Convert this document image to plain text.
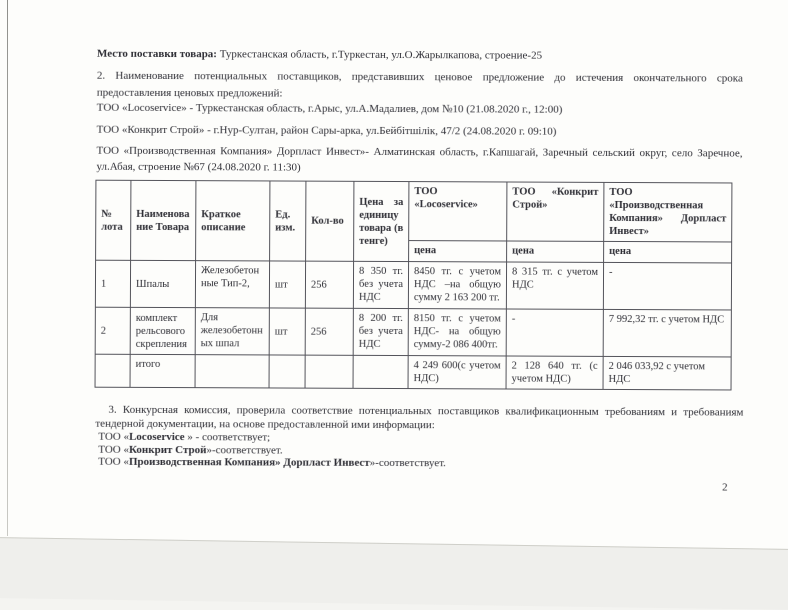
Место поставки товара: Туркестанская область, г.Туркестан, ул.О.Жарылкапова, строение-25

2. Наименование потенциальных поставщиков, представивших ценовое предложение до истечения окончательного срока предоставления ценовых предложений:

ТОО «Locoservice» - Туркестанская область, г.Арыс, ул.А.Мадалиев, дом №10 (21.08.2020 г., 12:00)

ТОО «Конкрит Строй» - г.Нур-Султан, район Сары-арка, ул.Бейбітшілік, 47/2 (24.08.2020 г. 09:10)

ТОО «Производственная Компания» Дорпласт Инвест»- Алматинская область, г.Капшагай, Заречный сельский округ, село Заречное, ул.Абая, строение №67 (24.08.2020 г. 11:30)

№ лота	Наименование Товара	Краткое описание	Ед. изм.	Кол-во	Цена за единицу товара (в тенге)	ТОО «Locoservice»	ТОО «Конкрит Строй»	ТОО «Производственная Компания» Дорпласт Инвест»
						цена	цена	цена
1	Шпалы	Железобетонные Тип-2,	шт	256	8 350 тг. без учета НДС	8450 тг. с учетом НДС –на общую сумму 2 163 200 тг.	8 315 тг. с учетом НДС	-
2	комплект рельсового скрепления	Для железобетонных шпал	шт	256	8 200 тг. без учета НДС	8150 тг. с учетом НДС- на общую сумму-2 086 400тг.	-	7 992,32 тг. с учетом НДС
	итого					4 249 600(с учетом НДС)	2 128 640 тг. (с учетом НДС)	2 046 033,92 с учетом НДС
3. Конкурсная комиссия, проверила соответствие потенциальных поставщиков квалификационным требованиям и требованиям тендерной документации, на основе предоставленной ими информации:
ТОО «Locoservice » - соответствует;
ТОО «Конкрит Строй»-соответствует.
ТОО «Производственная Компания» Дорпласт Инвест»-соответствует.
2
